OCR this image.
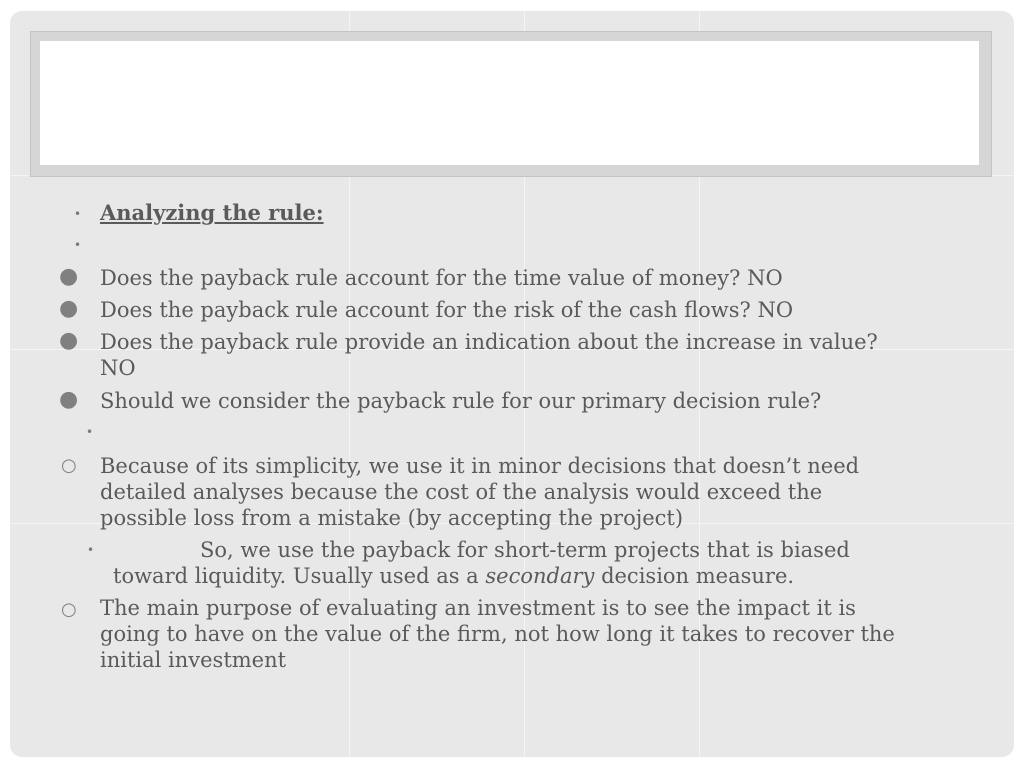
• Analyzing the rule:
•
● Does the payback rule account for the time value of money? NO
● Does the payback rule account for the risk of the cash flows? NO
● Does the payback rule provide an indication about the increase in value?
NO
● Should we consider the payback rule for our primary decision rule?
•
○ Because of its simplicity, we use it in minor decisions that doesn’t need
detailed analyses because the cost of the analysis would exceed the
possible loss from a mistake (by accepting the project)
•	So, we use the payback for short-term projects that is biased
toward liquidity. Usually used as a secondary decision measure.
○ The main purpose of evaluating an investment is to see the impact it is
going to have on the value of the firm, not how long it takes to recover the
initial investment
